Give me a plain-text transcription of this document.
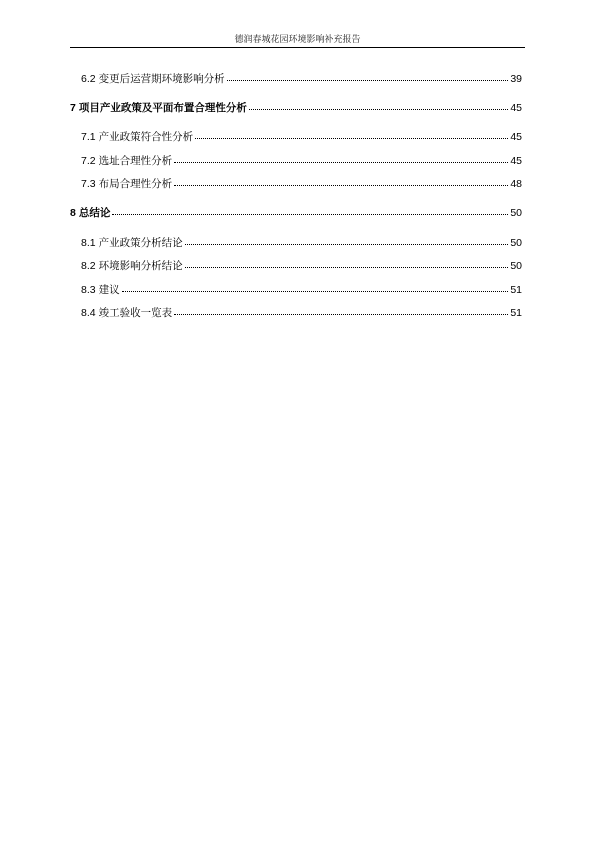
德润春城花园环境影响补充报告
6.2 变更后运营期环境影响分析	39
7 项目产业政策及平面布置合理性分析	45
7.1 产业政策符合性分析	45
7.2 选址合理性分析	45
7.3 布局合理性分析	48
8 总结论	50
8.1 产业政策分析结论	50
8.2 环境影响分析结论	50
8.3 建议	51
8.4 竣工验收一览表	51
